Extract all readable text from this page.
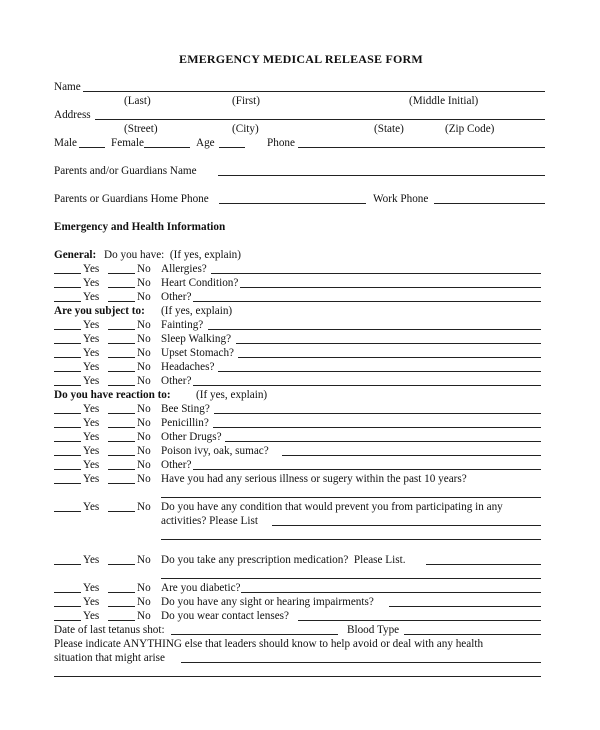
EMERGENCY MEDICAL RELEASE FORM
Name
(Last)	(First)	(Middle Initial)
Address
(Street)	(City)	(State)	(Zip Code)
Male	Female	Age	Phone
Parents and/or Guardians Name
Parents or Guardians Home Phone	Work Phone
Emergency and Health Information
General: Do you have:  (If yes, explain)
Yes	No Allergies?
Yes	No Heart Condition?
Yes	No Other?
Are you subject to: (If yes, explain)
Yes	No Fainting?
Yes	No Sleep Walking?
Yes	No Upset Stomach?
Yes	No Headaches?
Yes	No Other?
Do you have reaction to: (If yes, explain)
Yes	No Bee Sting?
Yes	No Penicillin?
Yes	No Other Drugs?
Yes	No Poison ivy, oak, sumac?
Yes	No Other?
Yes	No Have you had any serious illness or sugery within the past 10 years?
Yes	No Do you have any condition that would prevent you from participating in any
activities? Please List
Yes	No Do you take any prescription medication?  Please List.
Yes	No Are you diabetic?
Yes	No Do you have any sight or hearing impairments?
Yes	No Do you wear contact lenses?
Date of last tetanus shot:	Blood Type
Please indicate ANYTHING else that leaders should know to help avoid or deal with any health
situation that might arise
